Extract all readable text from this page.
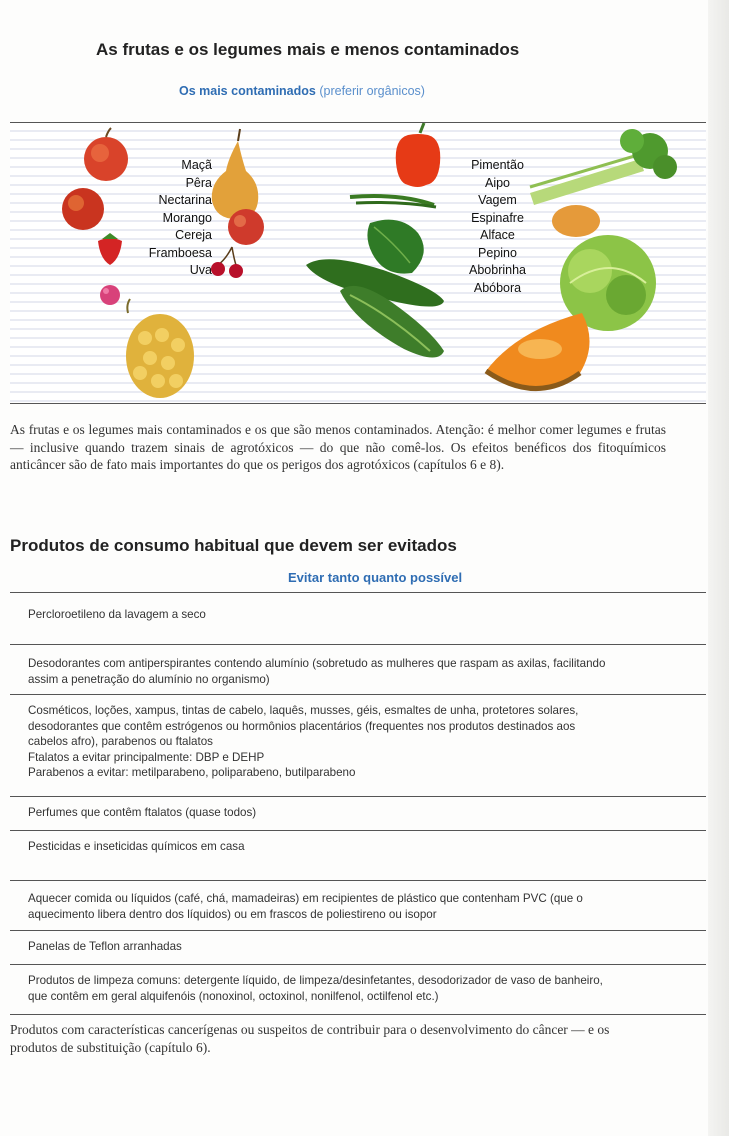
As frutas e os legumes mais e menos contaminados
Os mais contaminados (preferir orgânicos)
Maçã
Pêra
Nectarina
Morango
Cereja
Framboesa
Uva
Pimentão
Aipo
Vagem
Espinafre
Alface
Pepino
Abobrinha
Abóbora
As frutas e os legumes mais contaminados e os que são menos contaminados. Atenção: é melhor comer legumes e frutas — inclusive quando trazem sinais de agrotóxicos — do que não comê-los. Os efeitos benéficos dos fitoquímicos anticâncer são de fato mais importantes do que os perigos dos agrotóxicos (capítulos 6 e 8).
Produtos de consumo habitual que devem ser evitados
Evitar tanto quanto possível
Percloroetileno da lavagem a seco
Desodorantes com antiperspirantes contendo alumínio (sobretudo as mulheres que raspam as axilas, facilitando
assim a penetração do alumínio no organismo)
Cosméticos, loções, xampus, tintas de cabelo, laquês, musses, géis, esmaltes de unha, protetores solares,
desodorantes que contêm estrógenos ou hormônios placentários (frequentes nos produtos destinados aos
cabelos afro), parabenos ou ftalatos
Ftalatos a evitar principalmente: DBP e DEHP
Parabenos a evitar: metilparabeno, poliparabeno, butilparabeno
Perfumes que contêm ftalatos (quase todos)
Pesticidas e inseticidas químicos em casa
Aquecer comida ou líquidos (café, chá, mamadeiras) em recipientes de plástico que contenham PVC (que o
aquecimento libera dentro dos líquidos) ou em frascos de poliestireno ou isopor
Panelas de Teflon arranhadas
Produtos de limpeza comuns: detergente líquido, de limpeza/desinfetantes, desodorizador de vaso de banheiro,
que contêm em geral alquifenóis (nonoxinol, octoxinol, nonilfenol, octilfenol etc.)
Produtos com características cancerígenas ou suspeitos de contribuir para o desenvolvimento do câncer — e os produtos de substituição (capítulo 6).
